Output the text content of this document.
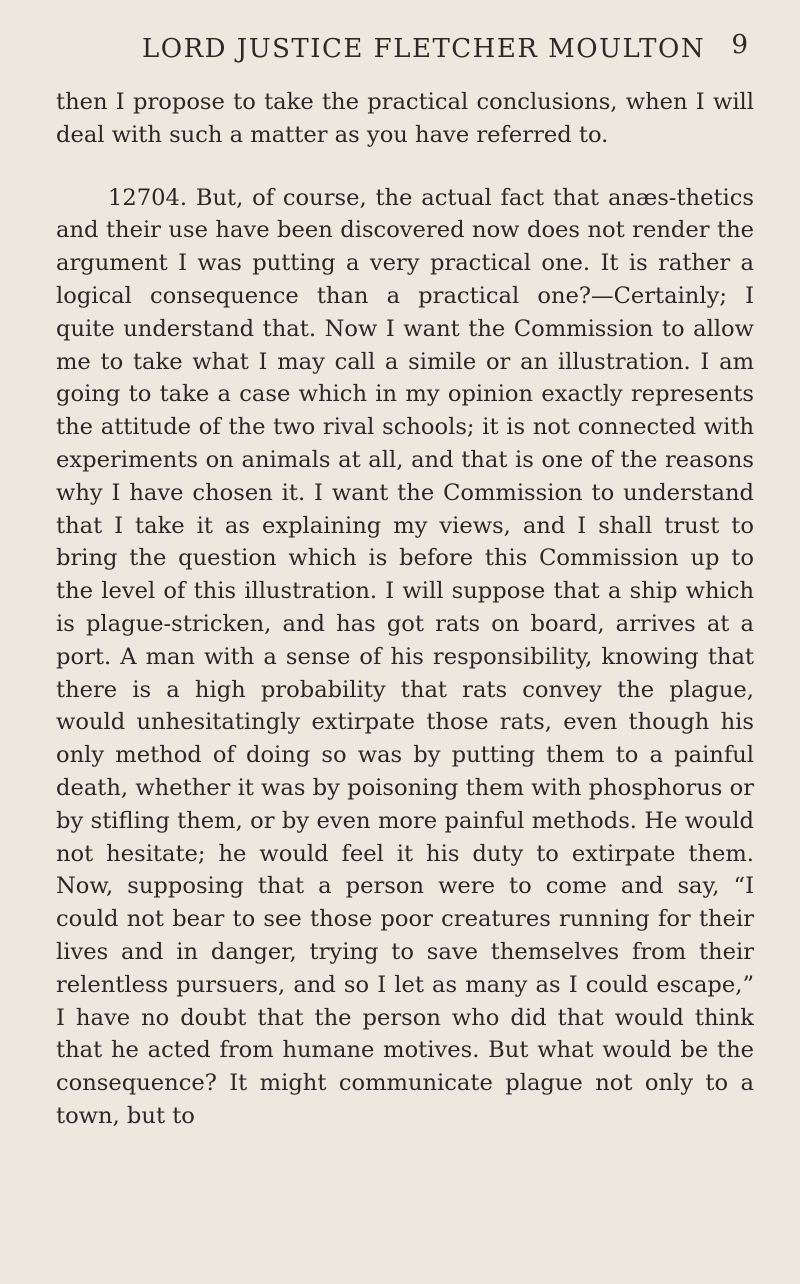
LORD JUSTICE FLETCHER MOULTON 9

then I propose to take the practical conclusions, when I will deal with such a matter as you have referred to.

12704. But, of course, the actual fact that anæs-thetics and their use have been discovered now does not render the argument I was putting a very practical one. It is rather a logical consequence than a practical one?—Certainly; I quite understand that. Now I want the Commission to allow me to take what I may call a simile or an illustration. I am going to take a case which in my opinion exactly represents the attitude of the two rival schools; it is not connected with experiments on animals at all, and that is one of the reasons why I have chosen it. I want the Commission to understand that I take it as explaining my views, and I shall trust to bring the question which is before this Commission up to the level of this illustration. I will suppose that a ship which is plague-stricken, and has got rats on board, arrives at a port. A man with a sense of his responsibility, knowing that there is a high probability that rats convey the plague, would unhesitatingly extirpate those rats, even though his only method of doing so was by putting them to a painful death, whether it was by poisoning them with phosphorus or by stifling them, or by even more painful methods. He would not hesitate; he would feel it his duty to extirpate them. Now, supposing that a person were to come and say, “I could not bear to see those poor creatures running for their lives and in danger, trying to save themselves from their relentless pursuers, and so I let as many as I could escape,” I have no doubt that the person who did that would think that he acted from humane motives. But what would be the consequence? It might communicate plague not only to a town, but to
